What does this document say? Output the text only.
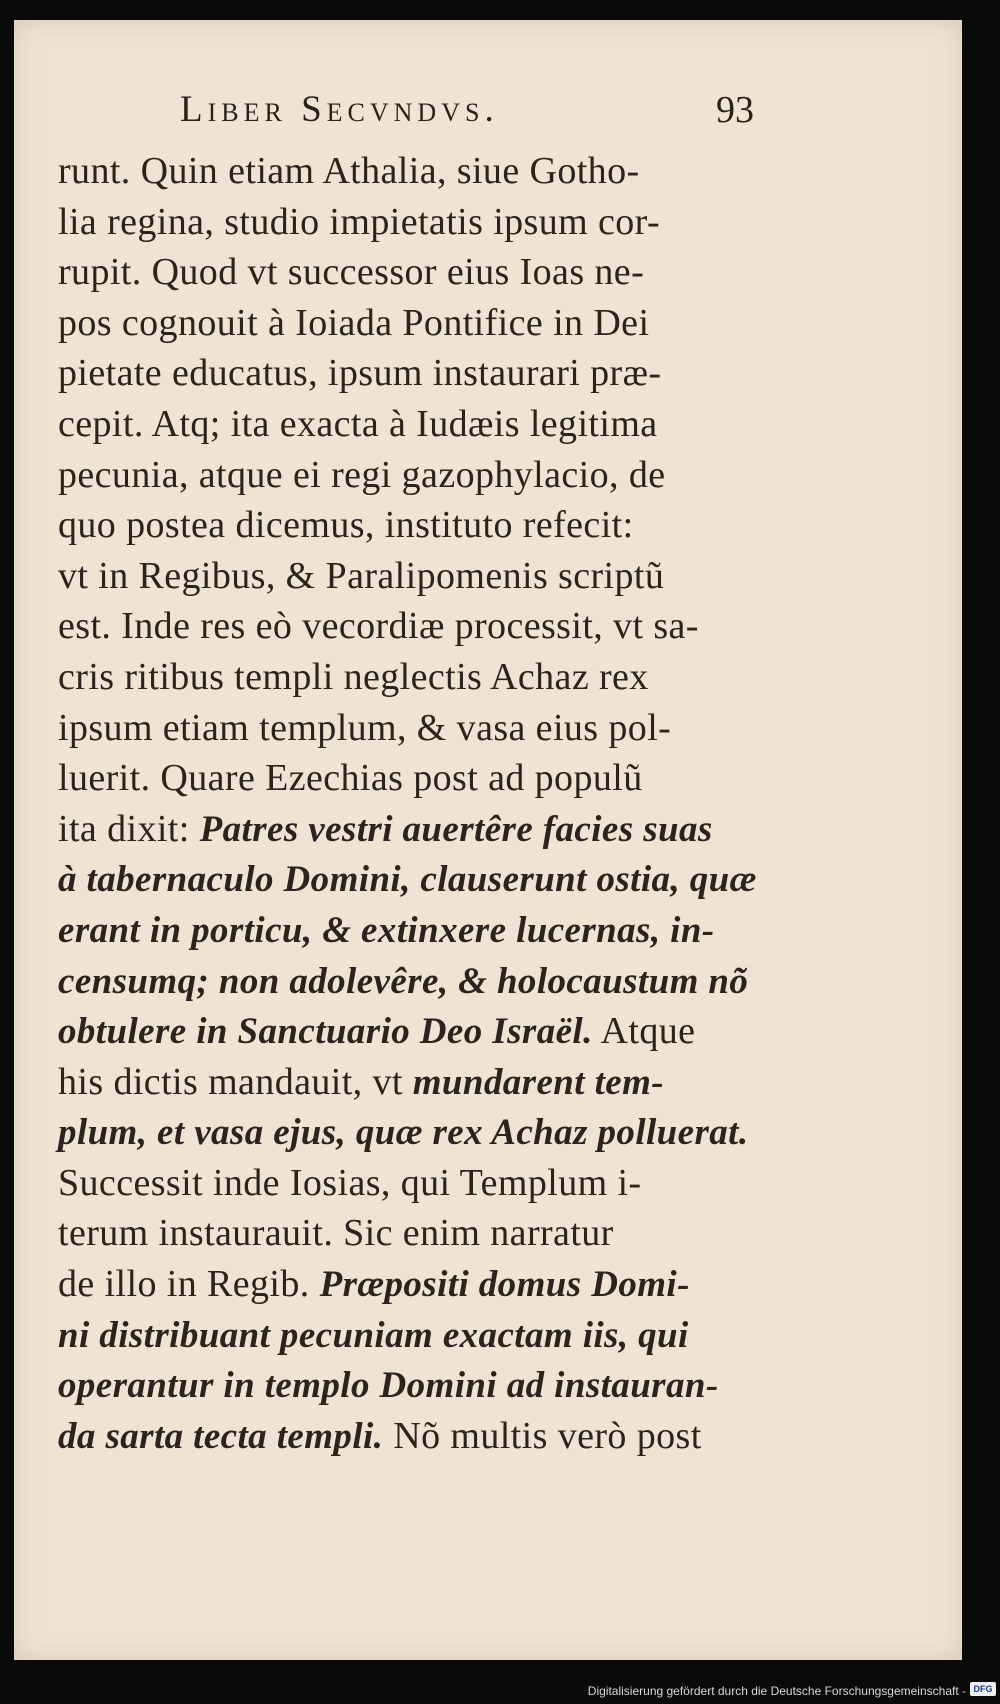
Liber Secvndvs.	93
runt. Quin etiam Athalia, siue Gotho-
lia regina, studio impietatis ipsum cor-
rupit. Quod vt successor eius Ioas ne-
pos cognouit à Ioiada Pontifice in Dei
pietate educatus, ipsum instaurari præ-
cepit. Atq; ita exacta à Iudæis legitima
pecunia, atque ei regi gazophylacio, de
quo postea dicemus, instituto refecit:
vt in Regibus, & Paralipomenis scriptũ
est. Inde res eò vecordiæ processit, vt sa-
cris ritibus templi neglectis Achaz rex
ipsum etiam templum, & vasa eius pol-
luerit. Quare Ezechias post ad populũ
ita dixit: Patres vestri auertêre facies suas
à tabernaculo Domini, clauserunt ostia, quæ
erant in porticu, & extinxere lucernas, in-
censumq; non adolevêre, & holocaustum nõ
obtulere in Sanctuario Deo Israël. Atque
his dictis mandauit, vt mundarent tem-
plum, et vasa ejus, quæ rex Achaz polluerat.
Successit inde Iosias, qui Templum i-
terum instaurauit. Sic enim narratur
de illo in Regib. Præpositi domus Domi-
ni distribuant pecuniam exactam iis, qui
operantur in templo Domini ad instauran-
da sarta tecta templi. Nõ multis verò post
Digitalisierung gefördert durch die Deutsche Forschungsgemeinschaft - DFG
